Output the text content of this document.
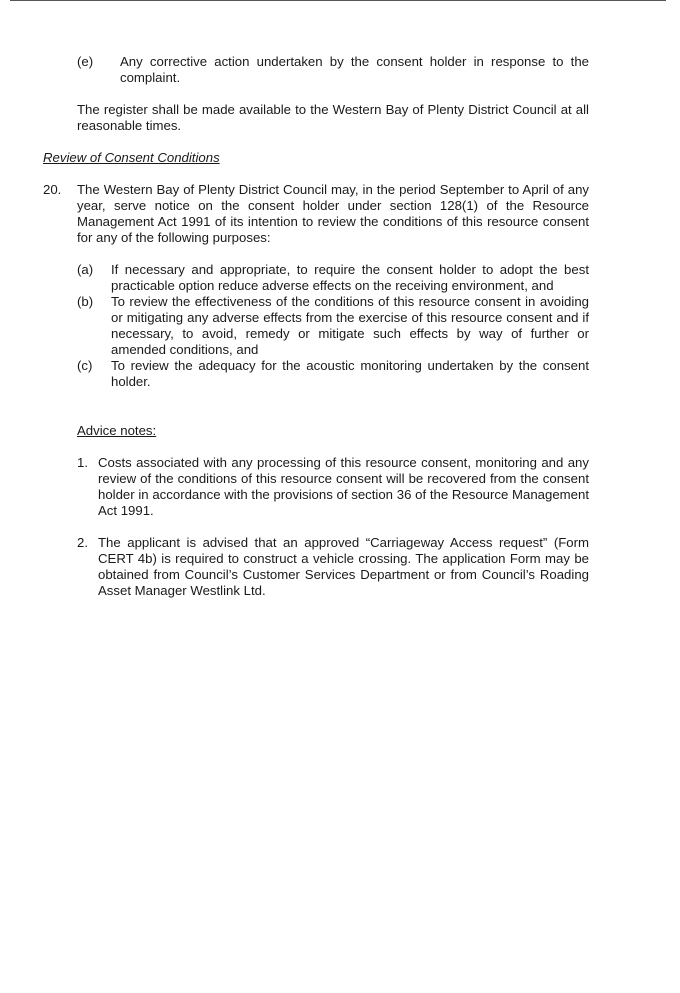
(e)	Any corrective action undertaken by the consent holder in response to the complaint.

The register shall be made available to the Western Bay of Plenty District Council at all reasonable times.

Review of Consent Conditions

20.	The Western Bay of Plenty District Council may, in the period September to April of any year, serve notice on the consent holder under section 128(1) of the Resource Management Act 1991 of its intention to review the conditions of this resource consent for any of the following purposes:

(a)	If necessary and appropriate, to require the consent holder to adopt the best practicable option reduce adverse effects on the receiving environment, and

(b)	To review the effectiveness of the conditions of this resource consent in avoiding or mitigating any adverse effects from the exercise of this resource consent and if necessary, to avoid, remedy or mitigate such effects by way of further or amended conditions, and

(c)	To review the adequacy for the acoustic monitoring undertaken by the consent holder.

Advice notes:

1. Costs associated with any processing of this resource consent, monitoring and any review of the conditions of this resource consent will be recovered from the consent holder in accordance with the provisions of section 36 of the Resource Management Act 1991.

2. The applicant is advised that an approved “Carriageway Access request” (Form CERT 4b) is required to construct a vehicle crossing. The application Form may be obtained from Council’s Customer Services Department or from Council’s Roading Asset Manager Westlink Ltd.
